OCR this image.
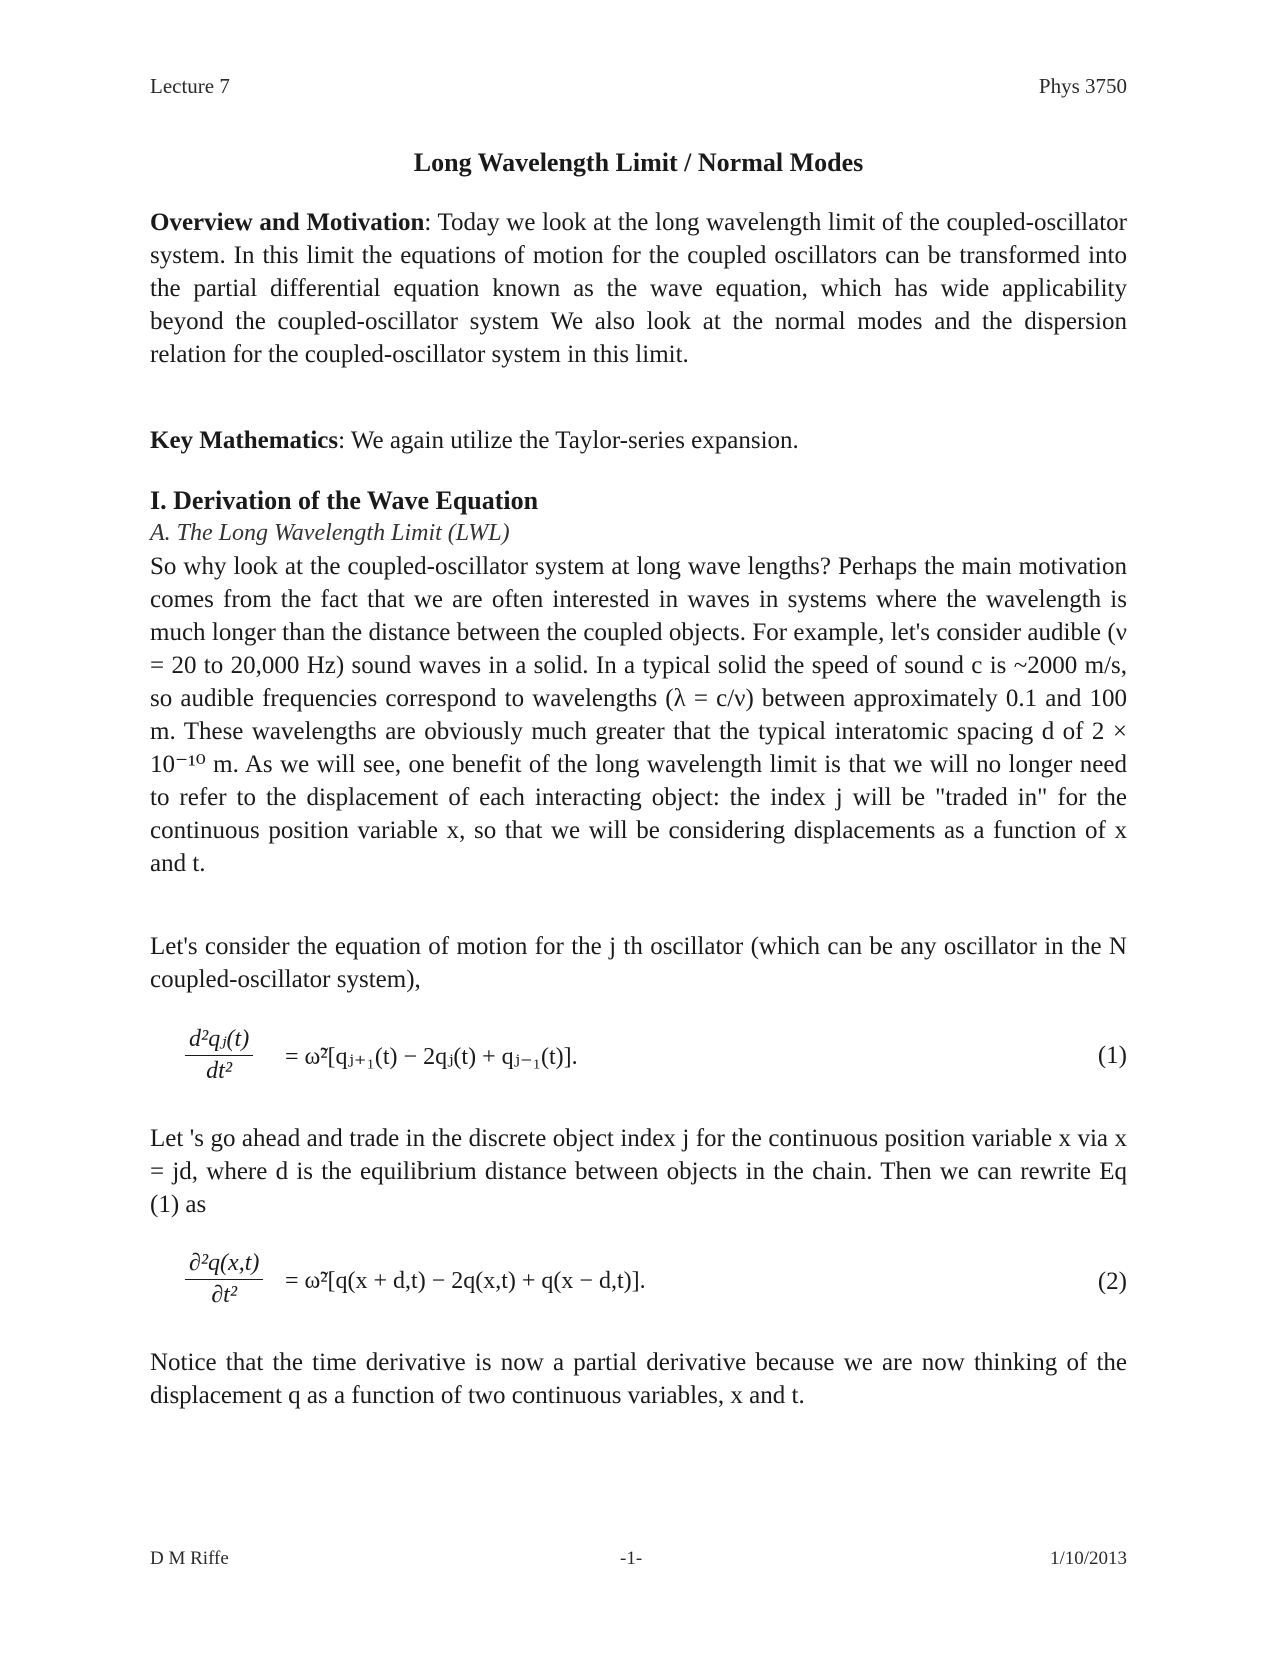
Lecture 7	Phys 3750
Long Wavelength Limit / Normal Modes
Overview and Motivation: Today we look at the long wavelength limit of the coupled-oscillator system. In this limit the equations of motion for the coupled oscillators can be transformed into the partial differential equation known as the wave equation, which has wide applicability beyond the coupled-oscillator system We also look at the normal modes and the dispersion relation for the coupled-oscillator system in this limit.
Key Mathematics: We again utilize the Taylor-series expansion.
I. Derivation of the Wave Equation
A. The Long Wavelength Limit (LWL)
So why look at the coupled-oscillator system at long wave lengths? Perhaps the main motivation comes from the fact that we are often interested in waves in systems where the wavelength is much longer than the distance between the coupled objects. For example, let's consider audible (ν = 20 to 20,000 Hz) sound waves in a solid. In a typical solid the speed of sound c is ~2000 m/s, so audible frequencies correspond to wavelengths (λ = c/ν) between approximately 0.1 and 100 m. These wavelengths are obviously much greater that the typical interatomic spacing d of 2 × 10⁻¹⁰ m. As we will see, one benefit of the long wavelength limit is that we will no longer need to refer to the displacement of each interacting object: the index j will be "traded in" for the continuous position variable x, so that we will be considering displacements as a function of x and t.
Let's consider the equation of motion for the j th oscillator (which can be any oscillator in the N coupled-oscillator system),
$\frac{\text{d²qⱼ(t)}}{\text{dt²}}$ = ω̃²[qⱼ₊₁(t) − 2qⱼ(t) + qⱼ₋₁(t)].	(1)
Let 's go ahead and trade in the discrete object index j for the continuous position variable x via x = jd, where d is the equilibrium distance between objects in the chain. Then we can rewrite Eq (1) as
$\frac{\text{∂²q(x,t)}}{\text{∂t²}}$ = ω̃²[q(x + d,t) − 2q(x,t) + q(x − d,t)].	(2)
Notice that the time derivative is now a partial derivative because we are now thinking of the displacement q as a function of two continuous variables, x and t.
D M Riffe	-1-	1/10/2013
